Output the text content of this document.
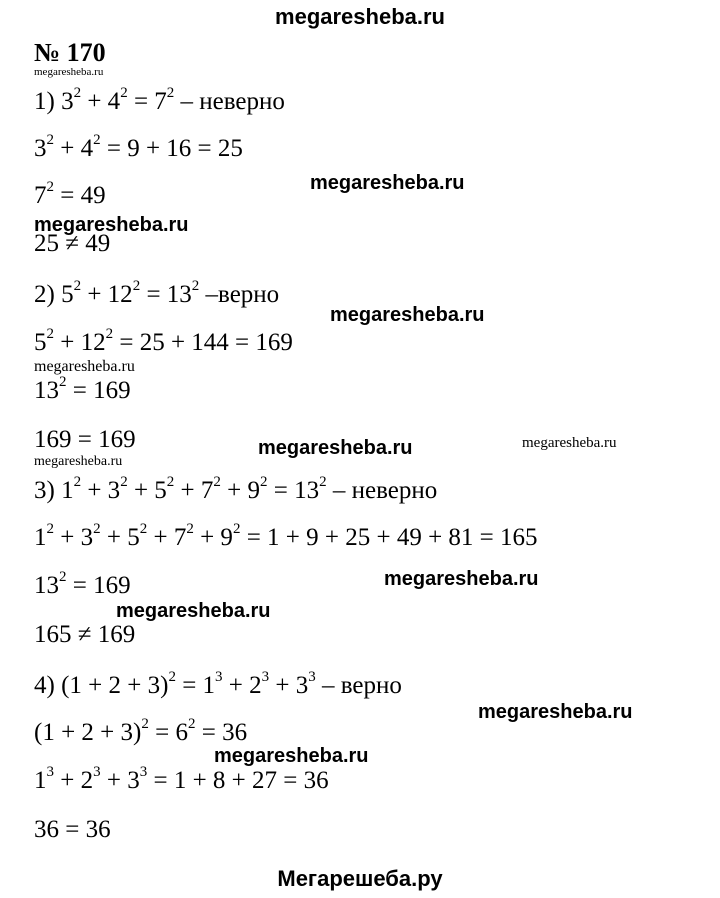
megaresheba.ru
№ 170
megaresheba.ru
megaresheba.ru
megaresheba.ru
megaresheba.ru
megaresheba.ru
megaresheba.ru	megaresheba.ru
megaresheba.ru
megaresheba.ru
megaresheba.ru
megaresheba.ru
megaresheba.ru
1) $3^2 + 4^2 = 7^2$ – неверно
$3^2 + 4^2 = 9 + 16 = 25$
$7^2 = 49$
25 ≠ 49
2) $5^2 + 12^2 = 13^2$ –верно
$5^2 + 12^2 = 25 + 144 = 169$
$13^2 = 169$
169 = 169
3) $1^2 + 3^2 + 5^2 + 7^2 + 9^2 = 13^2$ – неверно
$1^2 + 3^2 + 5^2 + 7^2 + 9^2 = 1 + 9 + 25 + 49 + 81 = 165$
$13^2 = 169$
165 ≠ 169
4) $(1 + 2 + 3)^2 = 1^3 + 2^3 + 3^3$ – верно
$(1 + 2 + 3)^2 = 6^2 = 36$
$1^3 + 2^3 + 3^3 = 1 + 8 + 27 = 36$
36 = 36
Мегарешеба.ру
